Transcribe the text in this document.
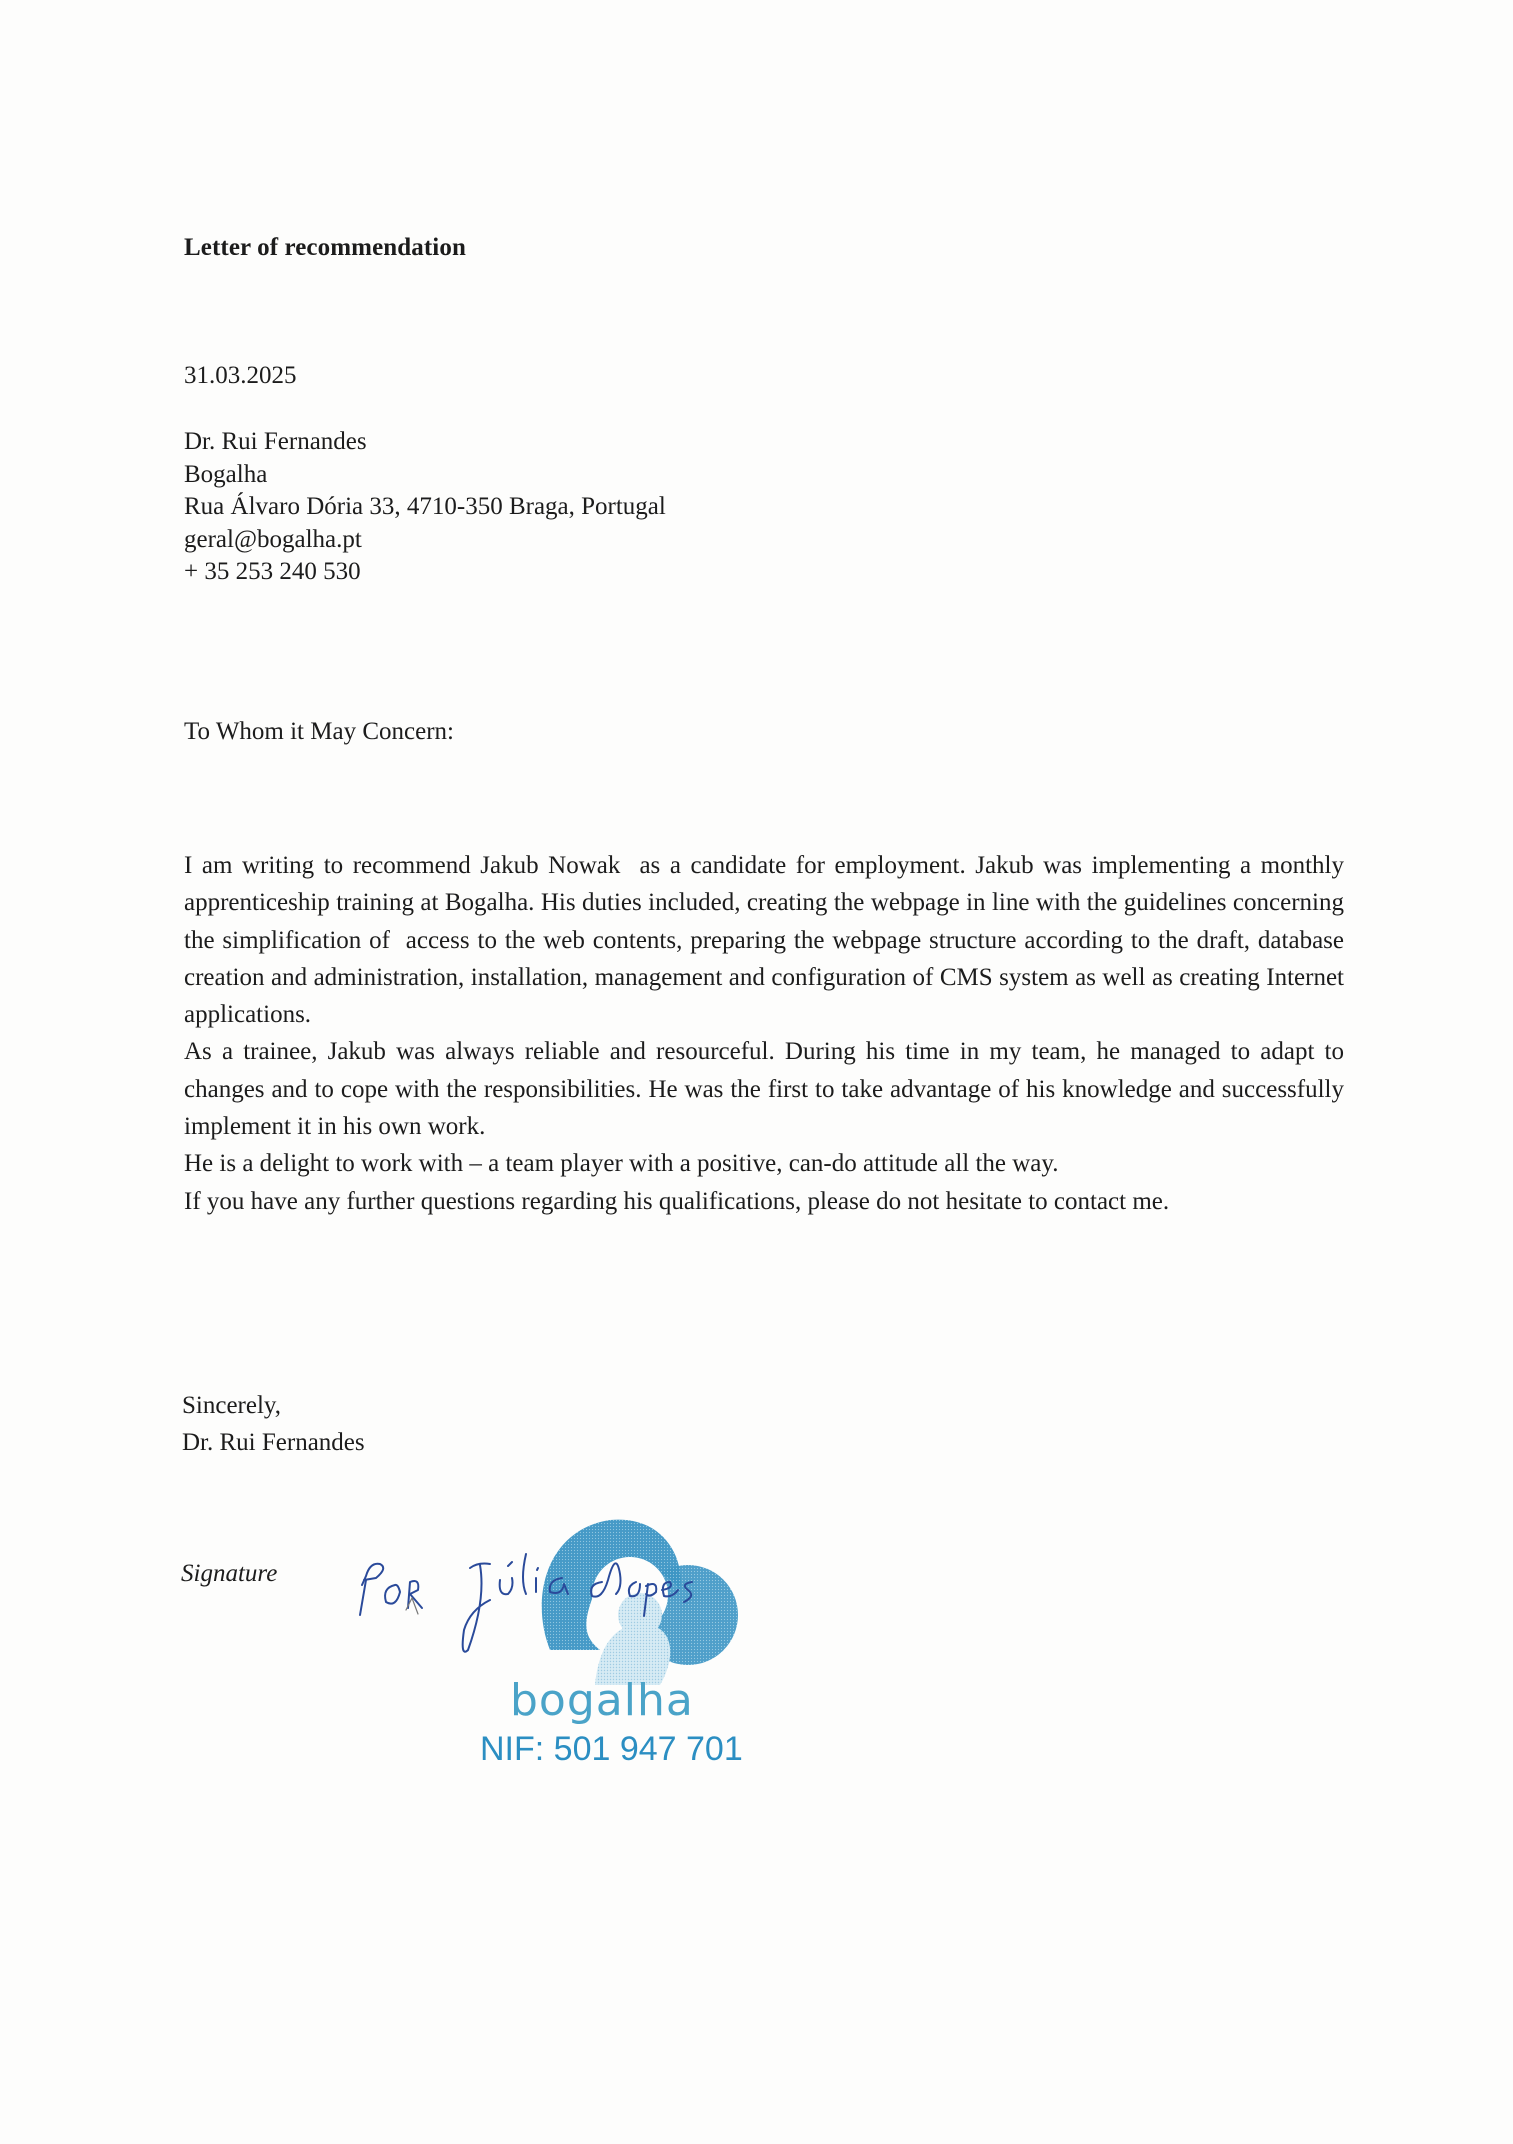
Letter of recommendation
31.03.2025
Dr. Rui Fernandes
Bogalha
Rua Álvaro Dória 33, 4710-350 Braga, Portugal
geral@bogalha.pt
+ 35 253 240 530
To Whom it May Concern:

I am writing to recommend Jakub Nowak  as a candidate for employment. Jakub was implementing a monthly apprenticeship training at Bogalha. His duties included, creating the webpage in line with the guidelines concerning the simplification of  access to the web contents, preparing the webpage structure according to the draft, database creation and administration, installation, management and configuration of CMS system as well as creating Internet applications.

As a trainee, Jakub was always reliable and resourceful. During his time in my team, he managed to adapt to changes and to cope with the responsibilities. He was the first to take advantage of his knowledge and successfully implement it in his own work.

He is a delight to work with – a team player with a positive, can-do attitude all the way.

If you have any further questions regarding his qualifications, please do not hesitate to contact me.

Sincerely,
Dr. Rui Fernandes
Signature
bogalha
NIF: 501 947 701
